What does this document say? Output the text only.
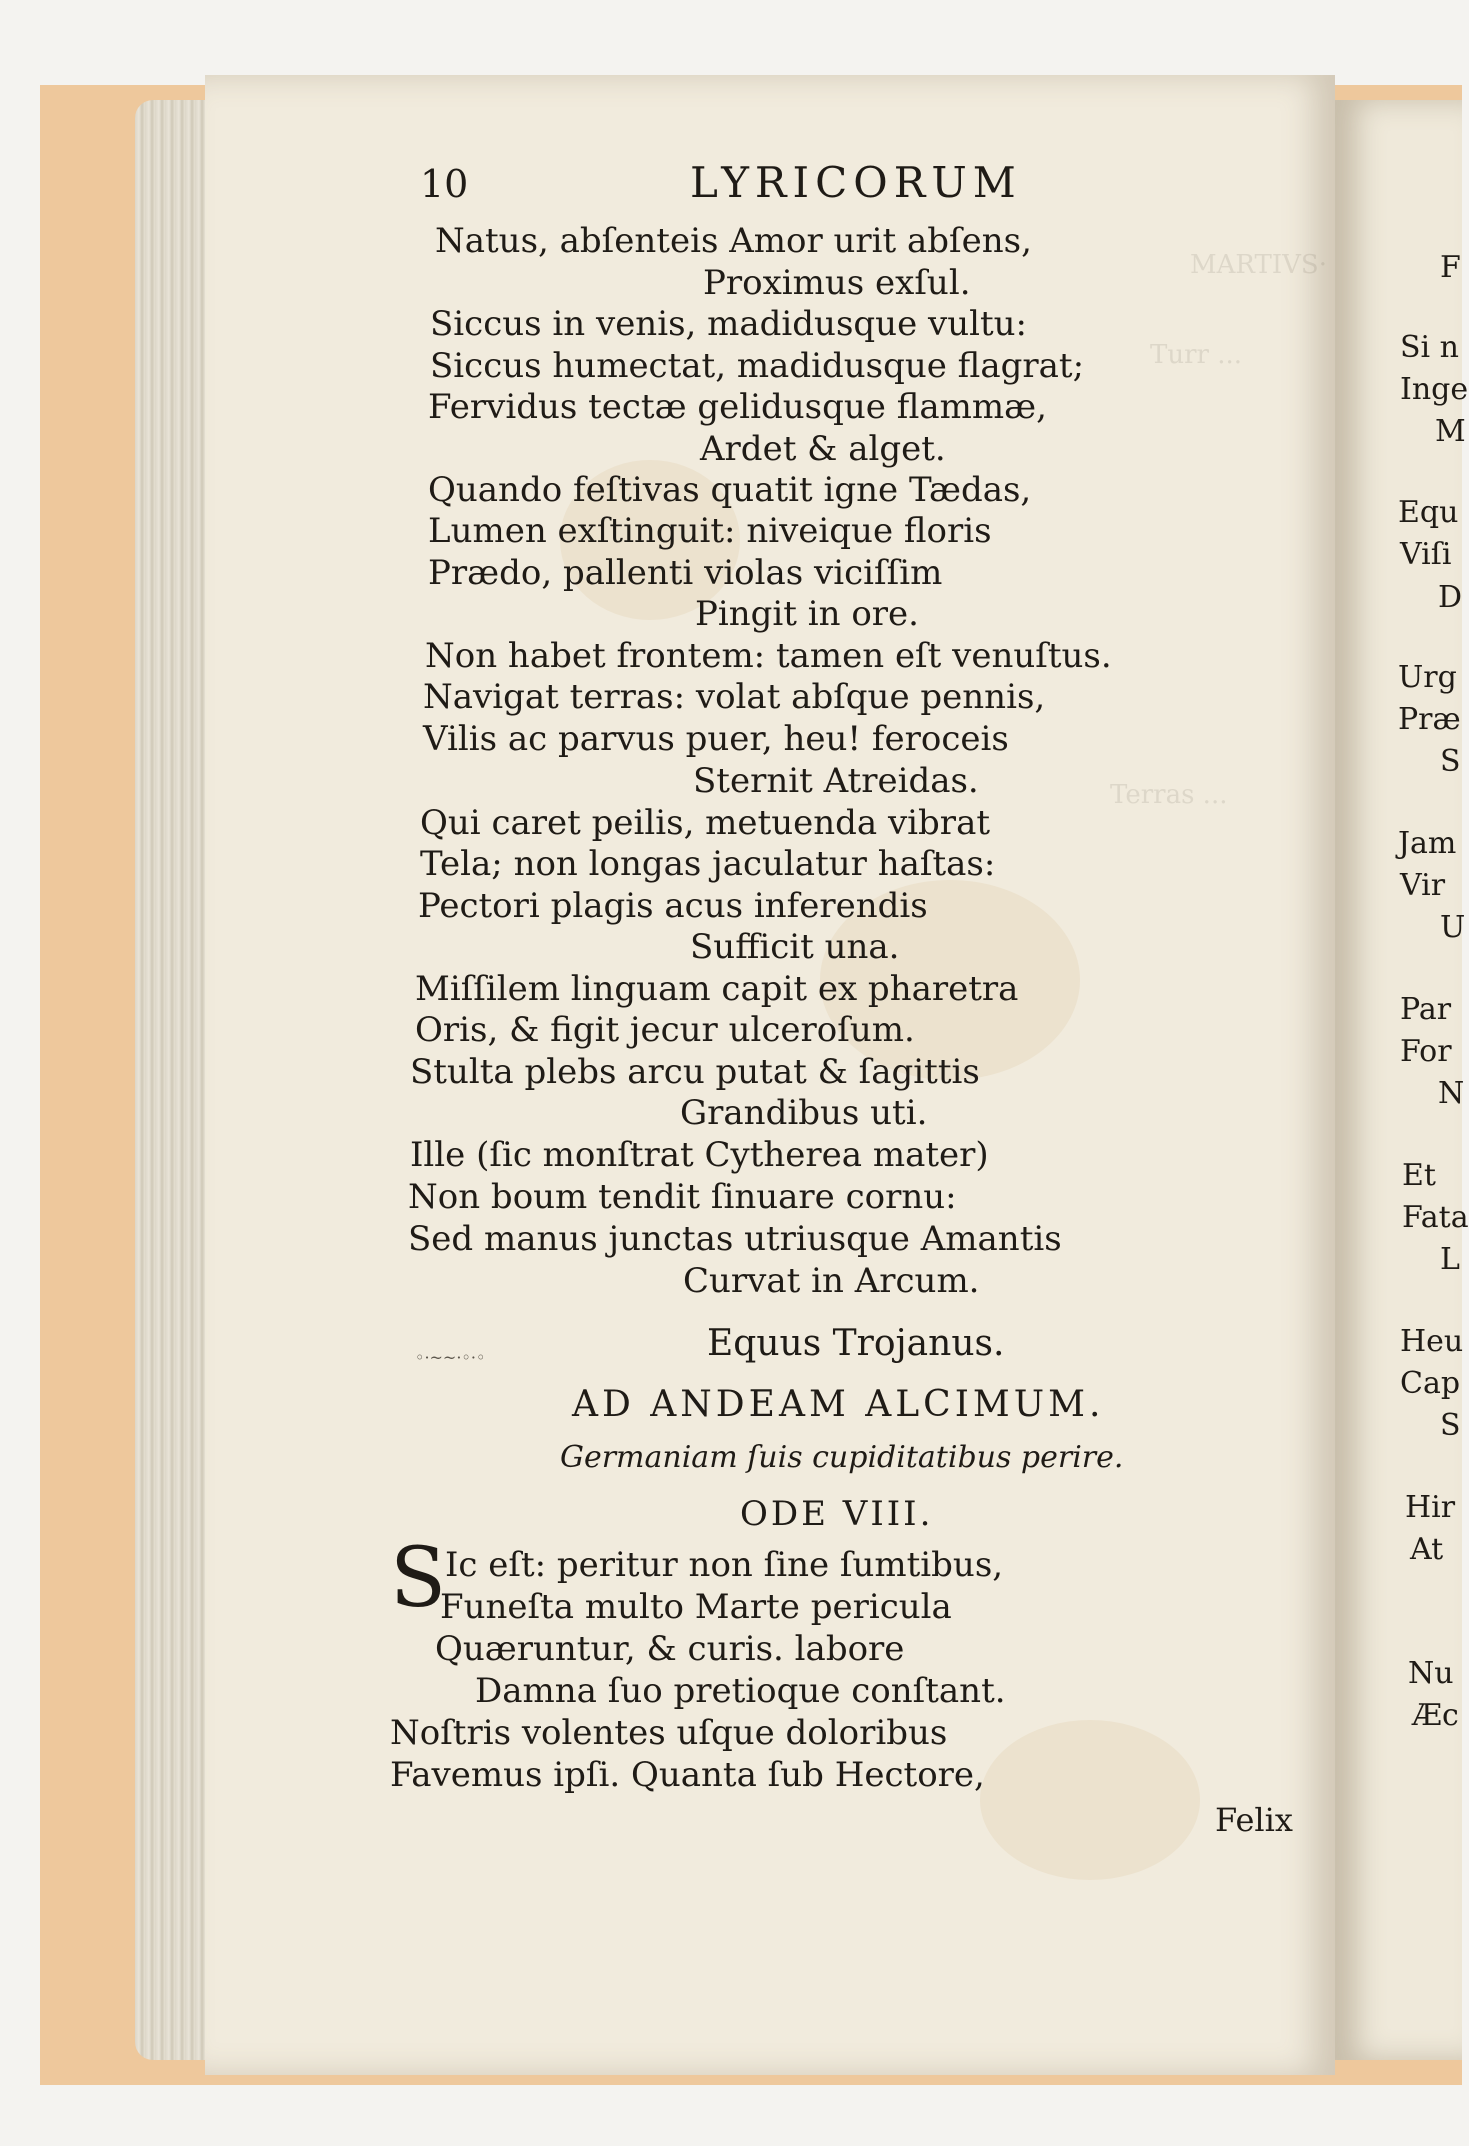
MARTIVS·
Turr ...
Terras ...
10	LYRICORUM
Natus, abſenteis Amor urit abſens,
Proximus exſul.
Siccus in venis, madidusque vultu:
Siccus humectat, madidusque flagrat;
Fervidus tectæ gelidusque flammæ,
Ardet & alget.
Quando feſtivas quatit igne Tædas,
Lumen exſtinguit: niveique floris
Prædo, pallenti violas viciſſim
Pingit in ore.
Non habet frontem: tamen eſt venuſtus.
Navigat terras: volat abſque pennis,
Vilis ac parvus puer, heu! feroceis
Sternit Atreidas.
Qui caret peilis, metuenda vibrat
Tela; non longas jaculatur haſtas:
Pectori plagis acus inferendis
Sufficit una.
Miſſilem linguam capit ex pharetra
Oris, & figit jecur ulceroſum.
Stulta plebs arcu putat & ſagittis
Grandibus uti.
Ille (ſic monſtrat Cytherea mater)
Non boum tendit ſinuare cornu:
Sed manus junctas utriusque Amantis
Curvat in Arcum.
Equus Trojanus.
◦·~~·◦·◦
AD ANDEAM ALCIMUM.
Germaniam ſuis cupiditatibus perire.
ODE VIII.
S
Ic eſt: peritur non ſine ſumtibus,
Funeſta multo Marte pericula
Quæruntur, & curis. labore
Damna ſuo pretioque conſtant.
Noſtris volentes uſque doloribus
Favemus ipſi. Quanta ſub Hectore,
Felix
F
Si n
Inge
M
Equ
Viſi
D
Urg
Præ
S
Jam
Vir
U
Par
For
N
Et
Fata
L
Heu
Cap
S
Hir
At
Nu
Æc
